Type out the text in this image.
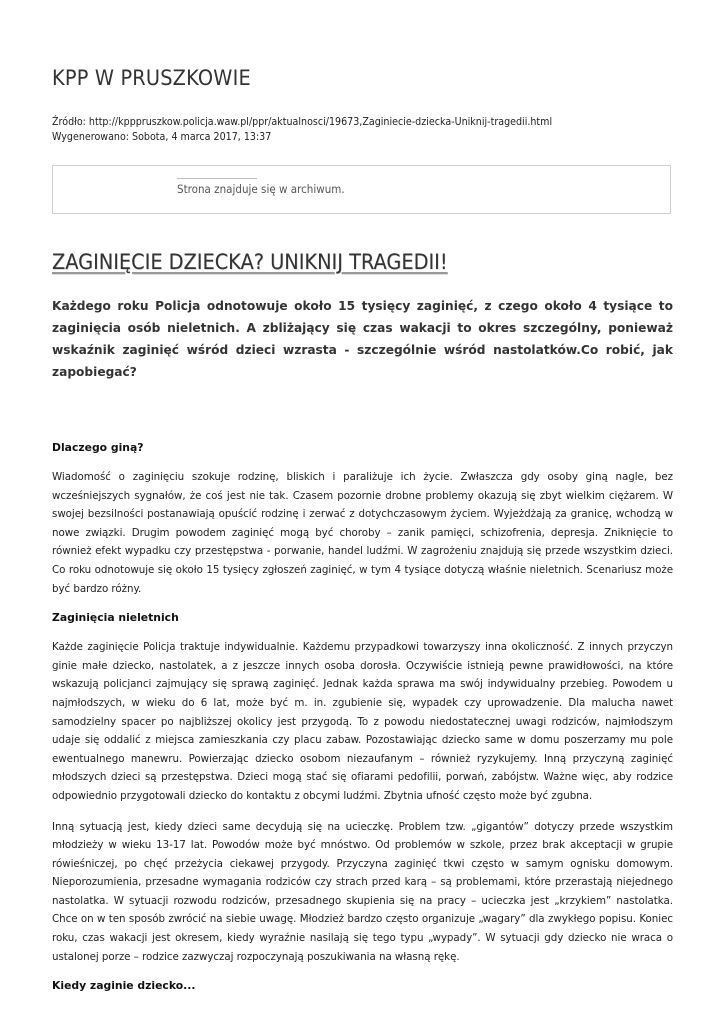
KPP W PRUSZKOWIE
Źródło: http://kpppruszkow.policja.waw.pl/ppr/aktualnosci/19673,Zaginiecie-dziecka-Uniknij-tragedii.html
Wygenerowano: Sobota, 4 marca 2017, 13:37
Strona znajduje się w archiwum.
ZAGINIĘCIE DZIECKA? UNIKNIJ TRAGEDII!

Każdego roku Policja odnotowuje około 15 tysięcy zaginięć, z czego około 4 tysiące to zaginięcia osób nieletnich. A zbliżający się czas wakacji to okres szczególny, ponieważ wskaźnik zaginięć wśród dzieci wzrasta - szczególnie wśród nastolatków.Co robić, jak zapobiegać?

Dlaczego giną?

Wiadomość o zaginięciu szokuje rodzinę, bliskich i paraliżuje ich życie. Zwłaszcza gdy osoby giną nagle, bez wcześniejszych sygnałów, że coś jest nie tak. Czasem pozornie drobne problemy okazują się zbyt wielkim ciężarem. W swojej bezsilności postanawiają opuścić rodzinę i zerwać z dotychczasowym życiem. Wyjeżdżają za granicę, wchodzą w nowe związki. Drugim powodem zaginięć mogą być choroby – zanik pamięci, schizofrenia, depresja. Zniknięcie to również efekt wypadku czy przestępstwa - porwanie, handel ludźmi. W zagrożeniu znajdują się przede wszystkim dzieci. Co roku odnotowuje się około 15 tysięcy zgłoszeń zaginięć, w tym 4 tysiące dotyczą właśnie nieletnich. Scenariusz może być bardzo różny.

Zaginięcia nieletnich

Każde zaginięcie Policja traktuje indywidualnie. Każdemu przypadkowi towarzyszy inna okoliczność. Z innych przyczyn ginie małe dziecko, nastolatek, a z jeszcze innych osoba dorosła. Oczywiście istnieją pewne prawidłowości, na które wskazują policjanci zajmujący się sprawą zaginięć. Jednak każda sprawa ma swój indywidualny przebieg. Powodem u najmłodszych, w wieku do 6 lat, może być m. in. zgubienie się, wypadek czy uprowadzenie. Dla malucha nawet samodzielny spacer po najbliższej okolicy jest przygodą. To z powodu niedostatecznej uwagi rodziców, najmłodszym udaje się oddalić z miejsca zamieszkania czy placu zabaw. Pozostawiając dziecko same w domu poszerzamy mu pole ewentualnego manewru. Powierzając dziecko osobom niezaufanym – również ryzykujemy. Inną przyczyną zaginięć młodszych dzieci są przestępstwa. Dzieci mogą stać się ofiarami pedofilii, porwań, zabójstw. Ważne więc, aby rodzice odpowiednio przygotowali dziecko do kontaktu z obcymi ludźmi. Zbytnia ufność często może być zgubna.

Inną sytuacją jest, kiedy dzieci same decydują się na ucieczkę. Problem tzw. „gigantów” dotyczy przede wszystkim młodzieży w wieku 13-17 lat. Powodów może być mnóstwo. Od problemów w szkole, przez brak akceptacji w grupie rówieśniczej, po chęć przeżycia ciekawej przygody. Przyczyna zaginięć tkwi często w samym ognisku domowym. Nieporozumienia, przesadne wymagania rodziców czy strach przed karą – są problemami, które przerastają niejednego nastolatka. W sytuacji rozwodu rodziców, przesadnego skupienia się na pracy – ucieczka jest „krzykiem” nastolatka. Chce on w ten sposób zwrócić na siebie uwagę. Młodzież bardzo często organizuje „wagary” dla zwykłego popisu. Koniec roku, czas wakacji jest okresem, kiedy wyraźnie nasilają się tego typu „wypady”. W sytuacji gdy dziecko nie wraca o ustalonej porze – rodzice zazwyczaj rozpoczynają poszukiwania na własną rękę.

Kiedy zaginie dziecko...
